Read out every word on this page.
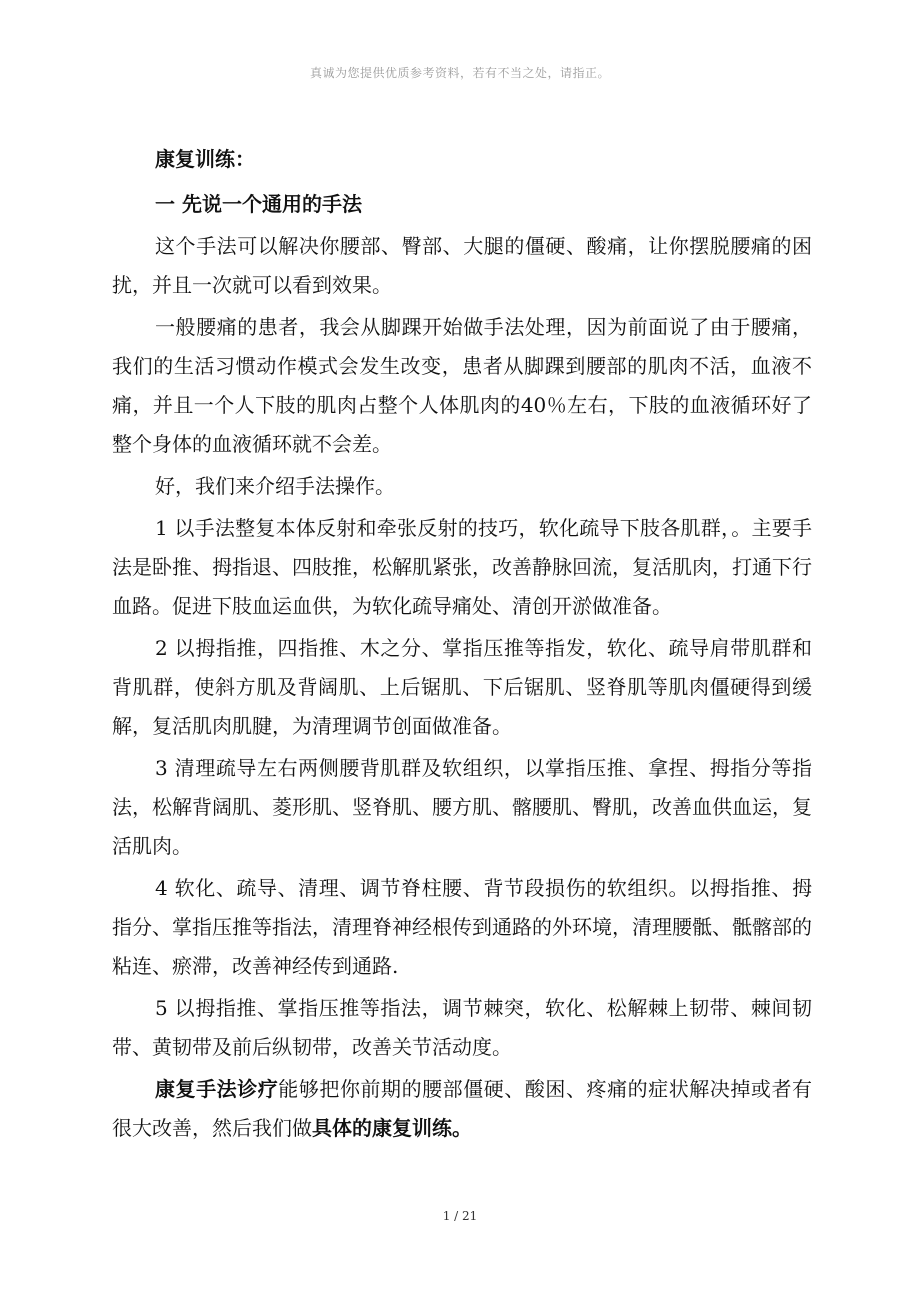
真诚为您提供优质参考资料，若有不当之处，请指正。

康复训练：

一 先说一个通用的手法

这个手法可以解决你腰部、臀部、大腿的僵硬、酸痛，让你摆脱腰痛的困扰，并且一次就可以看到效果。

一般腰痛的患者，我会从脚踝开始做手法处理，因为前面说了由于腰痛，我们的生活习惯动作模式会发生改变，患者从脚踝到腰部的肌肉不活，血液不痛，并且一个人下肢的肌肉占整个人体肌肉的40％左右，下肢的血液循环好了整个身体的血液循环就不会差。

好，我们来介绍手法操作。

1 以手法整复本体反射和牵张反射的技巧，软化疏导下肢各肌群，。主要手法是卧推、拇指退、四肢推，松解肌紧张，改善静脉回流，复活肌肉，打通下行血路。促进下肢血运血供，为软化疏导痛处、清创开淤做准备。

2 以拇指推，四指推、木之分、掌指压推等指发，软化、疏导肩带肌群和背肌群，使斜方肌及背阔肌、上后锯肌、下后锯肌、竖脊肌等肌肉僵硬得到缓解，复活肌肉肌腱，为清理调节创面做准备。

3 清理疏导左右两侧腰背肌群及软组织，以掌指压推、拿捏、拇指分等指法，松解背阔肌、菱形肌、竖脊肌、腰方肌、髂腰肌、臀肌，改善血供血运，复活肌肉。

4 软化、疏导、清理、调节脊柱腰、背节段损伤的软组织。以拇指推、拇指分、掌指压推等指法，清理脊神经根传到通路的外环境，清理腰骶、骶髂部的粘连、瘀滞，改善神经传到通路.

5 以拇指推、掌指压推等指法，调节棘突，软化、松解棘上韧带、棘间韧带、黄韧带及前后纵韧带，改善关节活动度。

康复手法诊疗能够把你前期的腰部僵硬、酸困、疼痛的症状解决掉或者有很大改善，然后我们做具体的康复训练。

1 / 21
